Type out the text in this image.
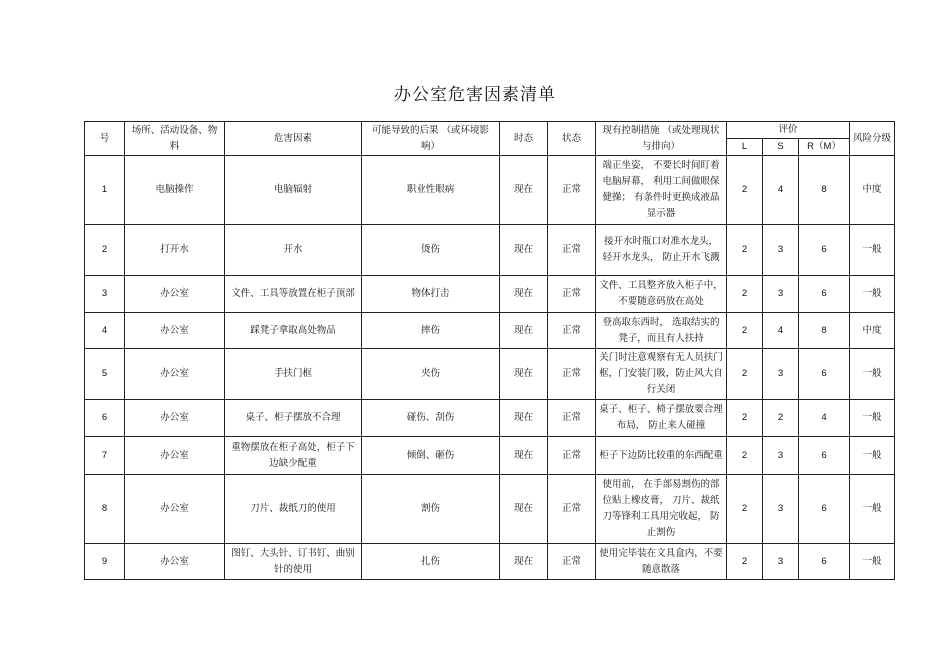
办公室危害因素清单
号	场所、活动设备、物料	危害因素	可能导致的后果 （或环境影响）	时态	状态	现有控制措施 （或处理现状与排向）	评价			风险分级
							L	S	R（M）	
1	电脑操作	电脑辐射	职业性眼病	现在	正常	端正坐姿， 不要长时间盯着电脑屏幕， 利用工间做眼保健操； 有条件时更换成液晶显示器	2	4	8	中度
2	打开水	开水	烫伤	现在	正常	接开水时瓶口对准水龙头， 轻开水龙头， 防止开水飞溅	2	3	6	一般
3	办公室	文件、工具等放置在柜子顶部	物体打击	现在	正常	文件、工具整齐放入柜子中，不要随意码放在高处	2	3	6	一般
4	办公室	踩凳子拿取高处物品	摔伤	现在	正常	登高取东西时， 选取结实的凳子，而且有人扶持	2	4	8	中度
5	办公室	手扶门框	夹伤	现在	正常	关门时注意观察有无人员扶门框，门安装门吸，防止风大自行关闭	2	3	6	一般
6	办公室	桌子、柜子摆放不合理	碰伤、刮伤	现在	正常	桌子、柜子、椅子摆放要合理布局， 防止来人碰撞	2	2	4	一般
7	办公室	重物摆放在柜子高处，柜子下边缺少配重	倾倒、砸伤	现在	正常	柜子下边防比较重的东西配重	2	3	6	一般
8	办公室	刀片、裁纸刀的使用	割伤	现在	正常	使用前， 在手部易割伤的部位贴上橡皮膏， 刀片、裁纸刀等锋利工具用完收起， 防止割伤	2	3	6	一般
9	办公室	图钉、大头针、订书钉、曲别针的使用	扎伤	现在	正常	使用完毕装在文具盒内，不要随意散落	2	3	6	一般
